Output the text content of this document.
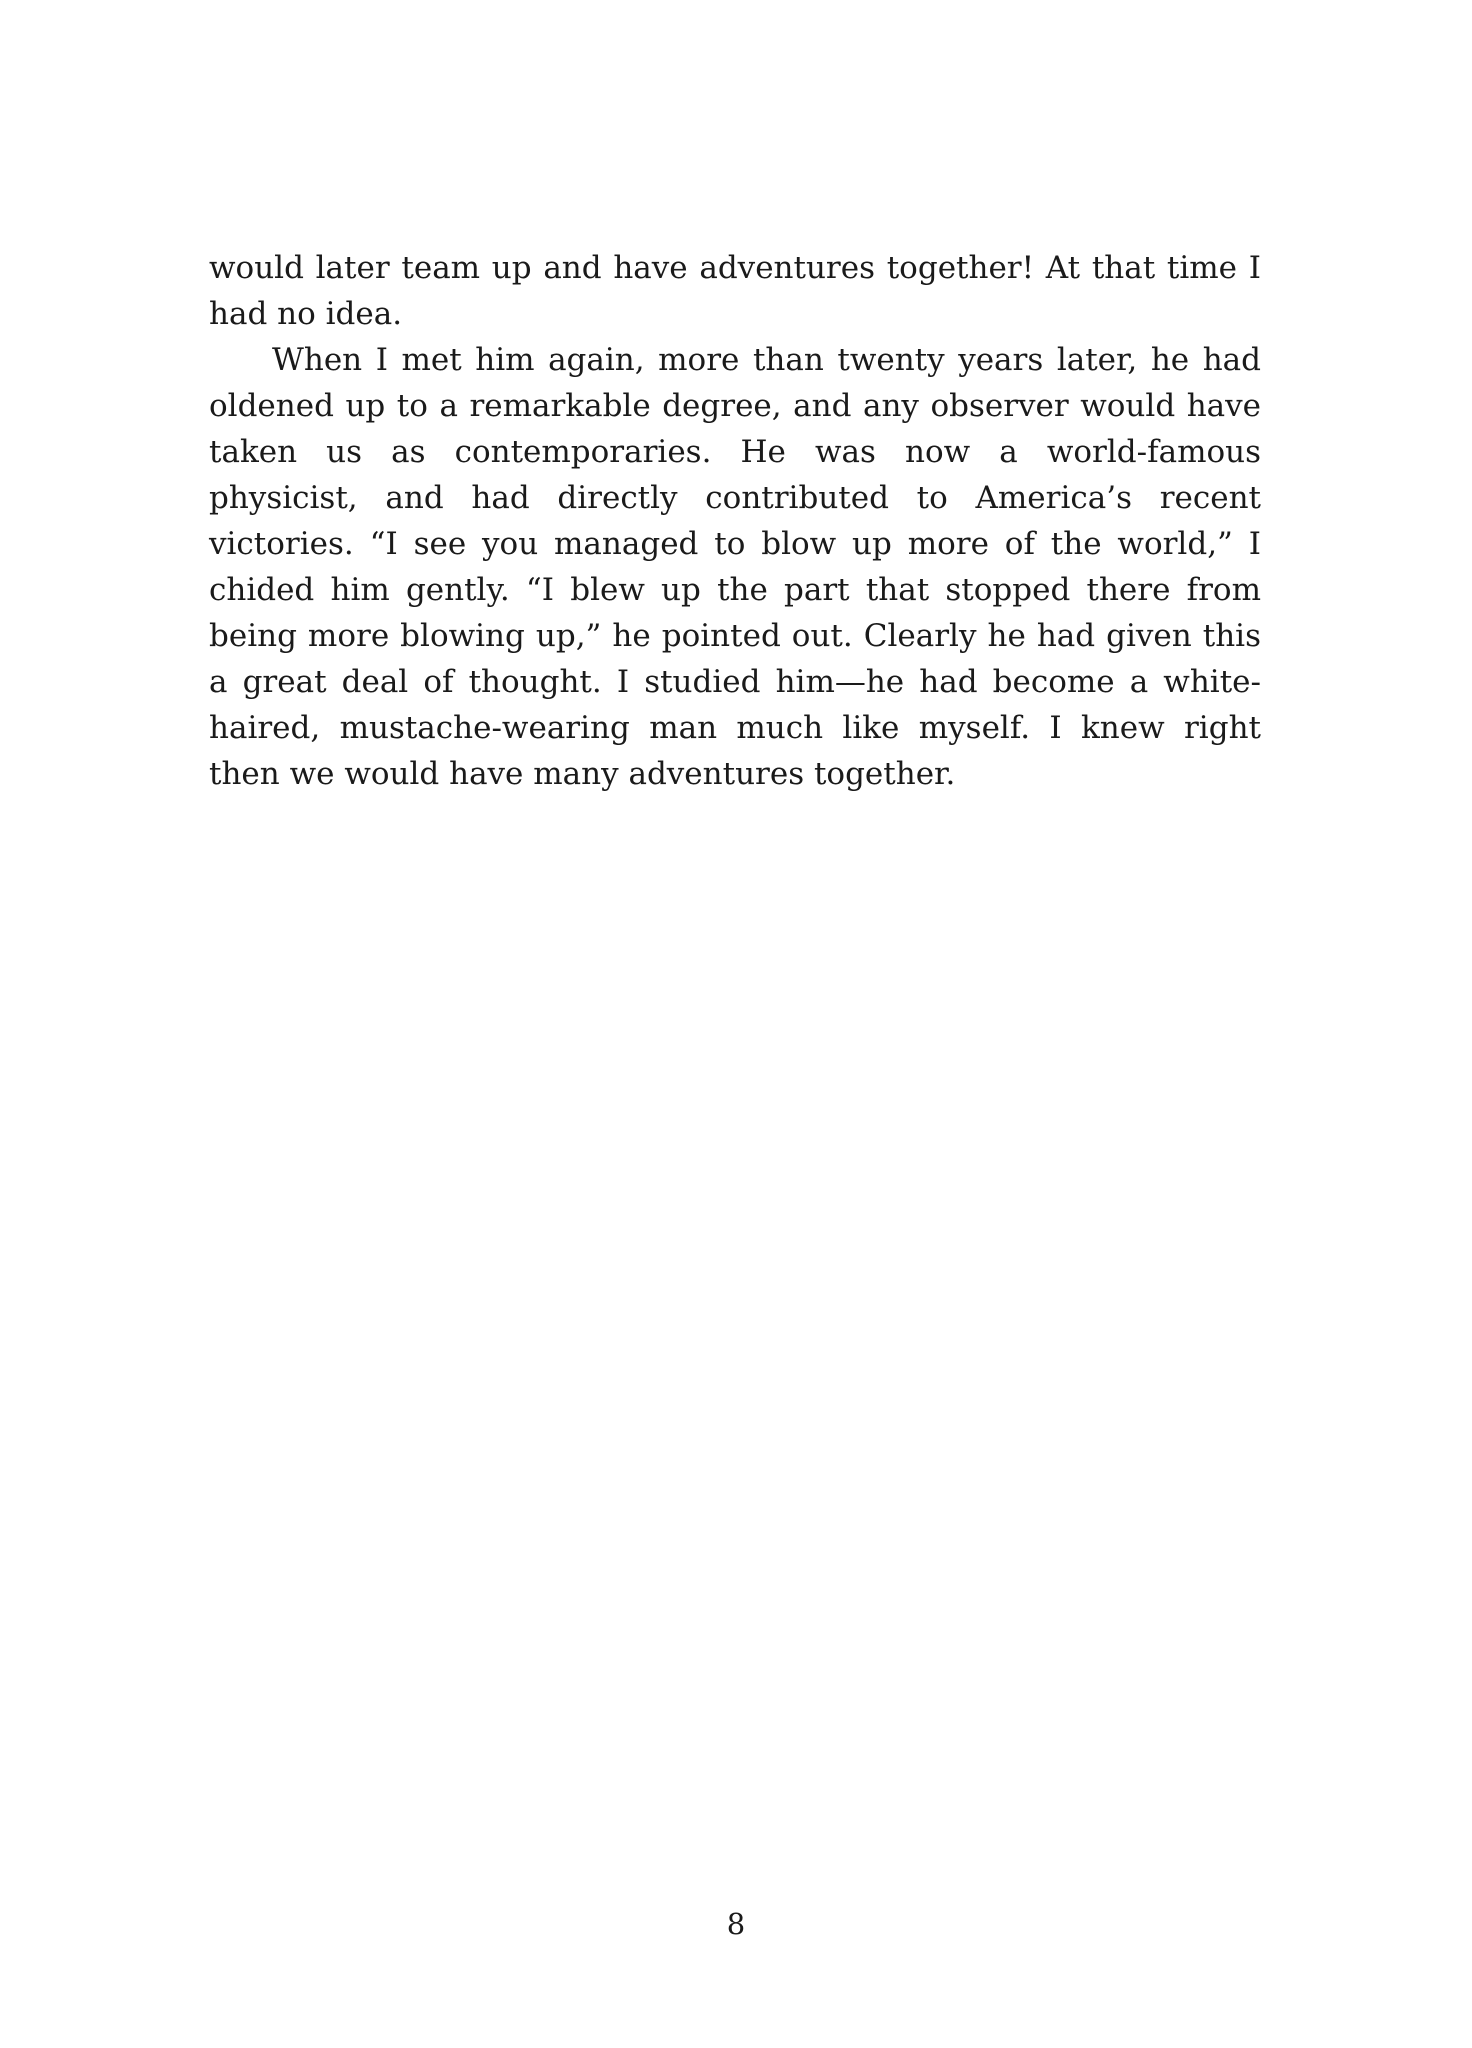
would later team up and have adventures together! At that time I had no idea.

When I met him again, more than twenty years later, he had oldened up to a remarkable degree, and any observer would have taken us as contemporaries. He was now a world-famous physicist, and had directly contributed to America’s recent victories. “I see you managed to blow up more of the world,” I chided him gently. “I blew up the part that stopped there from being more blowing up,” he pointed out. Clearly he had given this a great deal of thought. I studied him—he had become a white-haired, mustache-wearing man much like myself. I knew right then we would have many adventures together.

8
